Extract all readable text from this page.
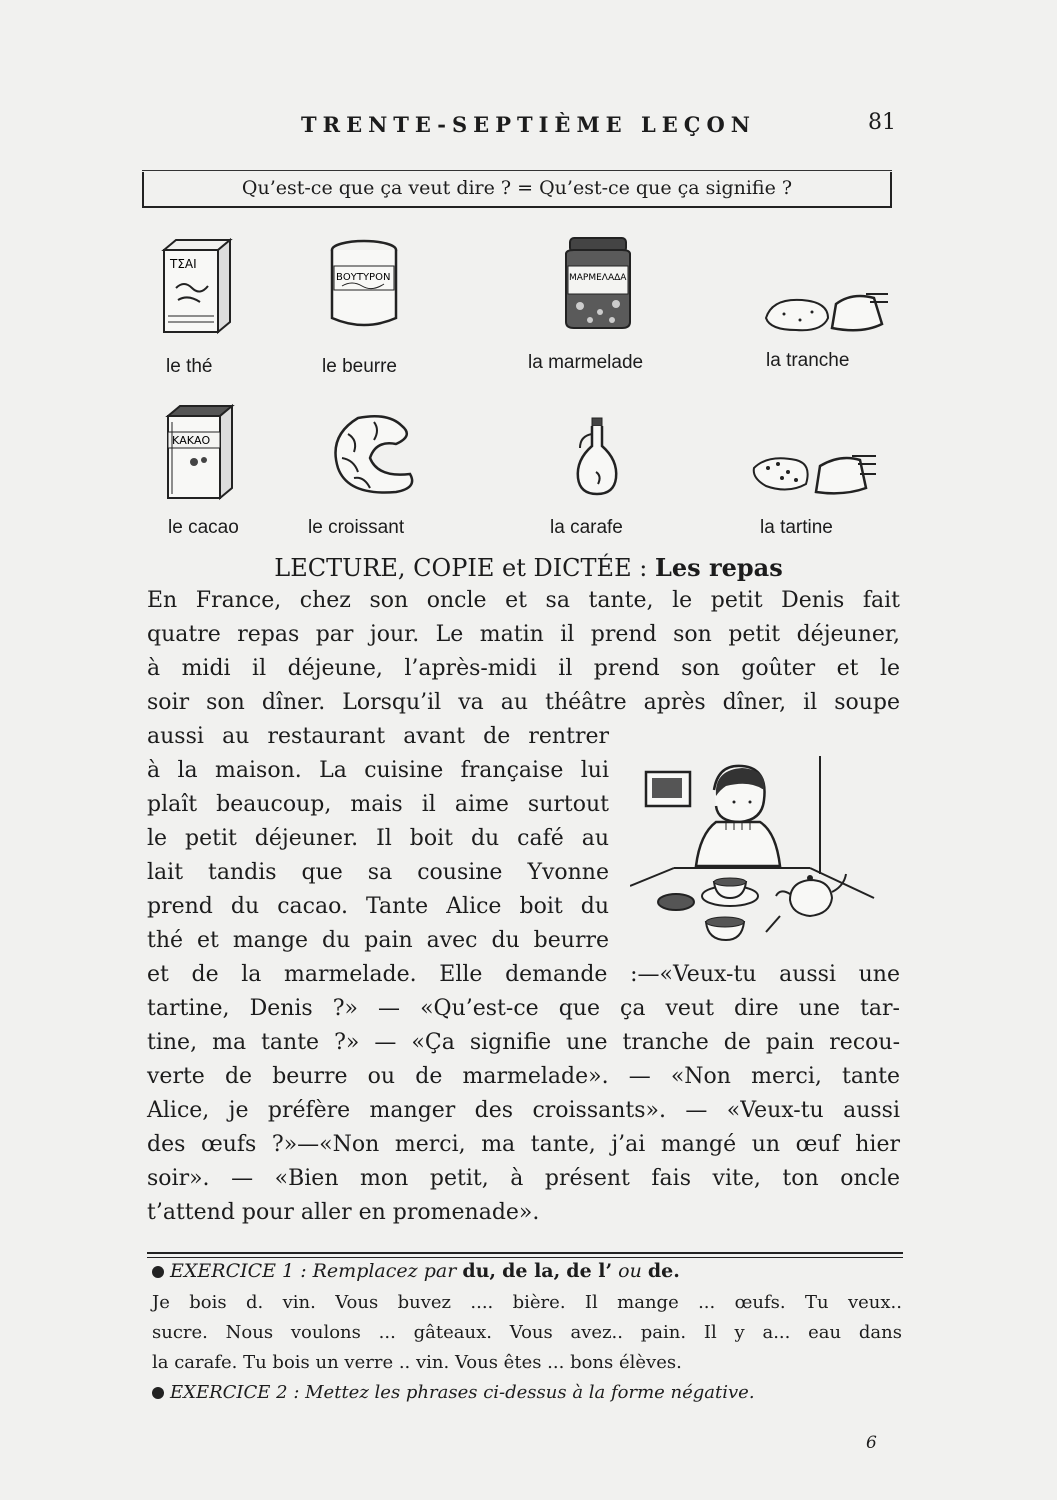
TRENTE-SEPTIÈME LEÇON	81
Qu’est-ce que ça veut dire ? = Qu’est-ce que ça signifie ?
ΤΣΑΙ
ΒΟΥΤΥΡΟΝ	ΜΑΡΜΕΛΑΔΑ
le thé	le beurre	la marmelade	la tranche
ΚΑΚΑΟ
le cacao	le croissant	la carafe	la tartine
LECTURE, COPIE et DICTÉE : Les repas
En France, chez son oncle et sa tante, le petit Denis fait
quatre repas par jour. Le matin il prend son petit déjeuner,
à midi il déjeune, l’après-midi il prend son goûter et le
soir son dîner. Lorsqu’il va au théâtre après dîner, il soupe
aussi au restaurant avant de rentrer
à la maison. La cuisine française lui
plaît beaucoup, mais il aime surtout
le petit déjeuner. Il boit du café au
lait tandis que sa cousine Yvonne
prend du cacao. Tante Alice boit du
thé et mange du pain avec du beurre
et de la marmelade. Elle demande :—«Veux-tu aussi une
tartine, Denis ?» — «Qu’est-ce que ça veut dire une tar-
tine, ma tante ?» — «Ça signifie une tranche de pain recou-
verte de beurre ou de marmelade». — «Non merci, tante
Alice, je préfère manger des croissants». — «Veux-tu aussi
des œufs ?»—«Non merci, ma tante, j’ai mangé un œuf hier
soir». — «Bien mon petit, à présent fais vite, ton oncle
t’attend pour aller en promenade».
EXERCICE 1 : Remplacez par du, de la, de l’ ou de.
Je bois d. vin. Vous buvez .... bière. Il mange ... œufs. Tu veux..
sucre. Nous voulons ... gâteaux. Vous avez.. pain. Il y a... eau dans
la carafe. Tu bois un verre .. vin. Vous êtes ... bons élèves.
EXERCICE 2 : Mettez les phrases ci-dessus à la forme négative.
6
